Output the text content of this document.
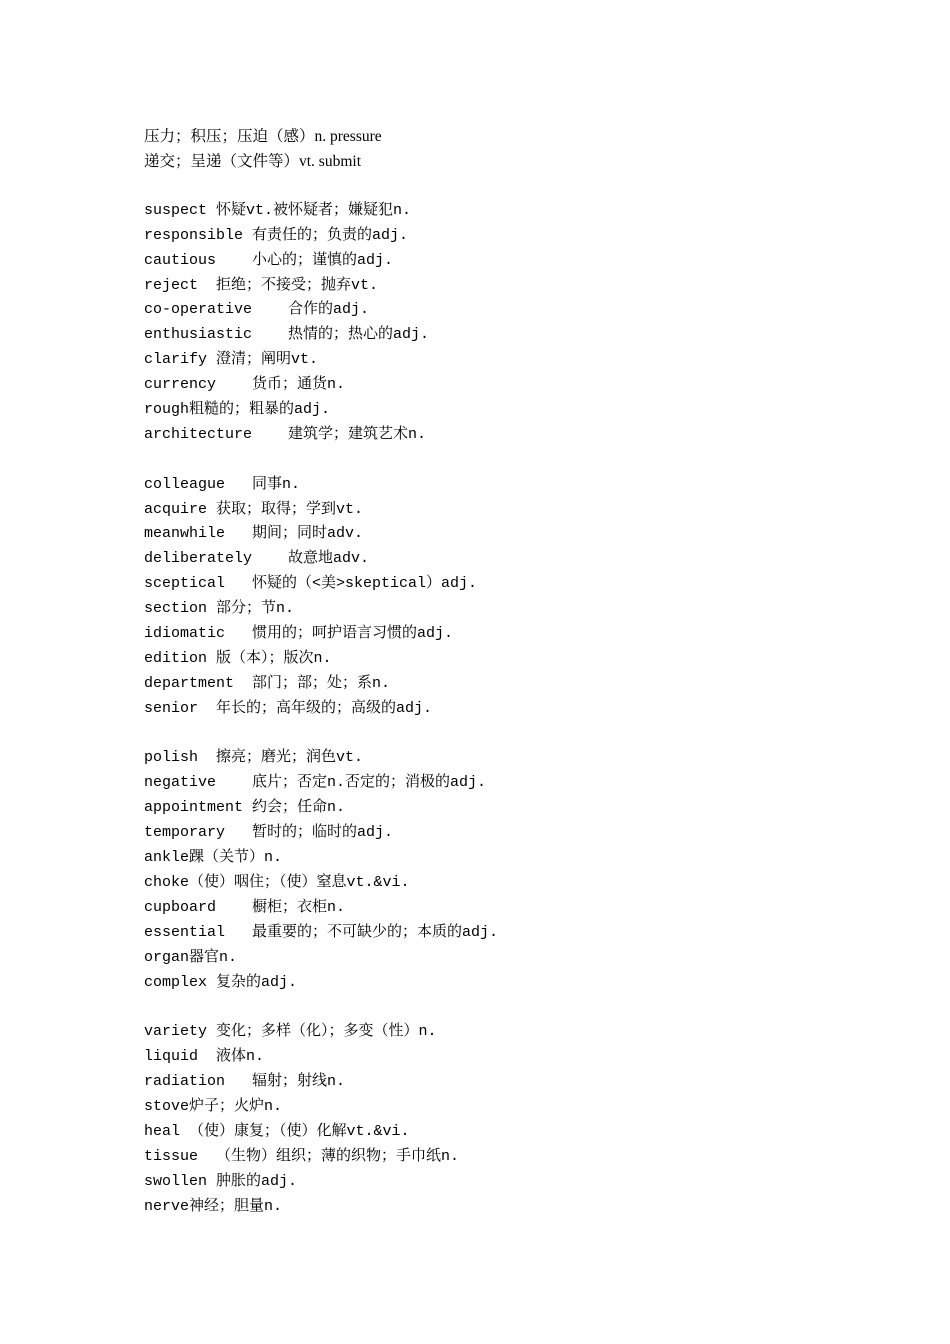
压力；积压；压迫（感）n. pressure
递交；呈递（文件等）vt. submit
suspect 怀疑vt.被怀疑者；嫌疑犯n.
responsible 有责任的；负责的adj.
cautious    小心的；谨慎的adj.
reject  拒绝；不接受；抛弃vt.
co-operative    合作的adj.
enthusiastic    热情的；热心的adj.
clarify 澄清；阐明vt.
currency    货币；通货n.
rough粗糙的；粗暴的adj.
architecture    建筑学；建筑艺术n.
colleague   同事n.
acquire 获取；取得；学到vt.
meanwhile   期间；同时adv.
deliberately    故意地adv.
sceptical   怀疑的（<美>skeptical）adj.
section 部分；节n.
idiomatic   惯用的；呵护语言习惯的adj.
edition 版（本）；版次n.
department  部门；部；处；系n.
senior  年长的；高年级的；高级的adj.
polish  擦亮；磨光；润色vt.
negative    底片；否定n.否定的；消极的adj.
appointment 约会；任命n.
temporary   暂时的；临时的adj.
ankle踝（关节）n.
choke（使）咽住；（使）窒息vt.&vi.
cupboard    橱柜；衣柜n.
essential   最重要的；不可缺少的；本质的adj.
organ器官n.
complex 复杂的adj.
variety 变化；多样（化）；多变（性）n.
liquid  液体n.
radiation   辐射；射线n.
stove炉子；火炉n.
heal （使）康复；（使）化解vt.&vi.
tissue  （生物）组织；薄的织物；手巾纸n.
swollen 肿胀的adj.
nerve神经；胆量n.
